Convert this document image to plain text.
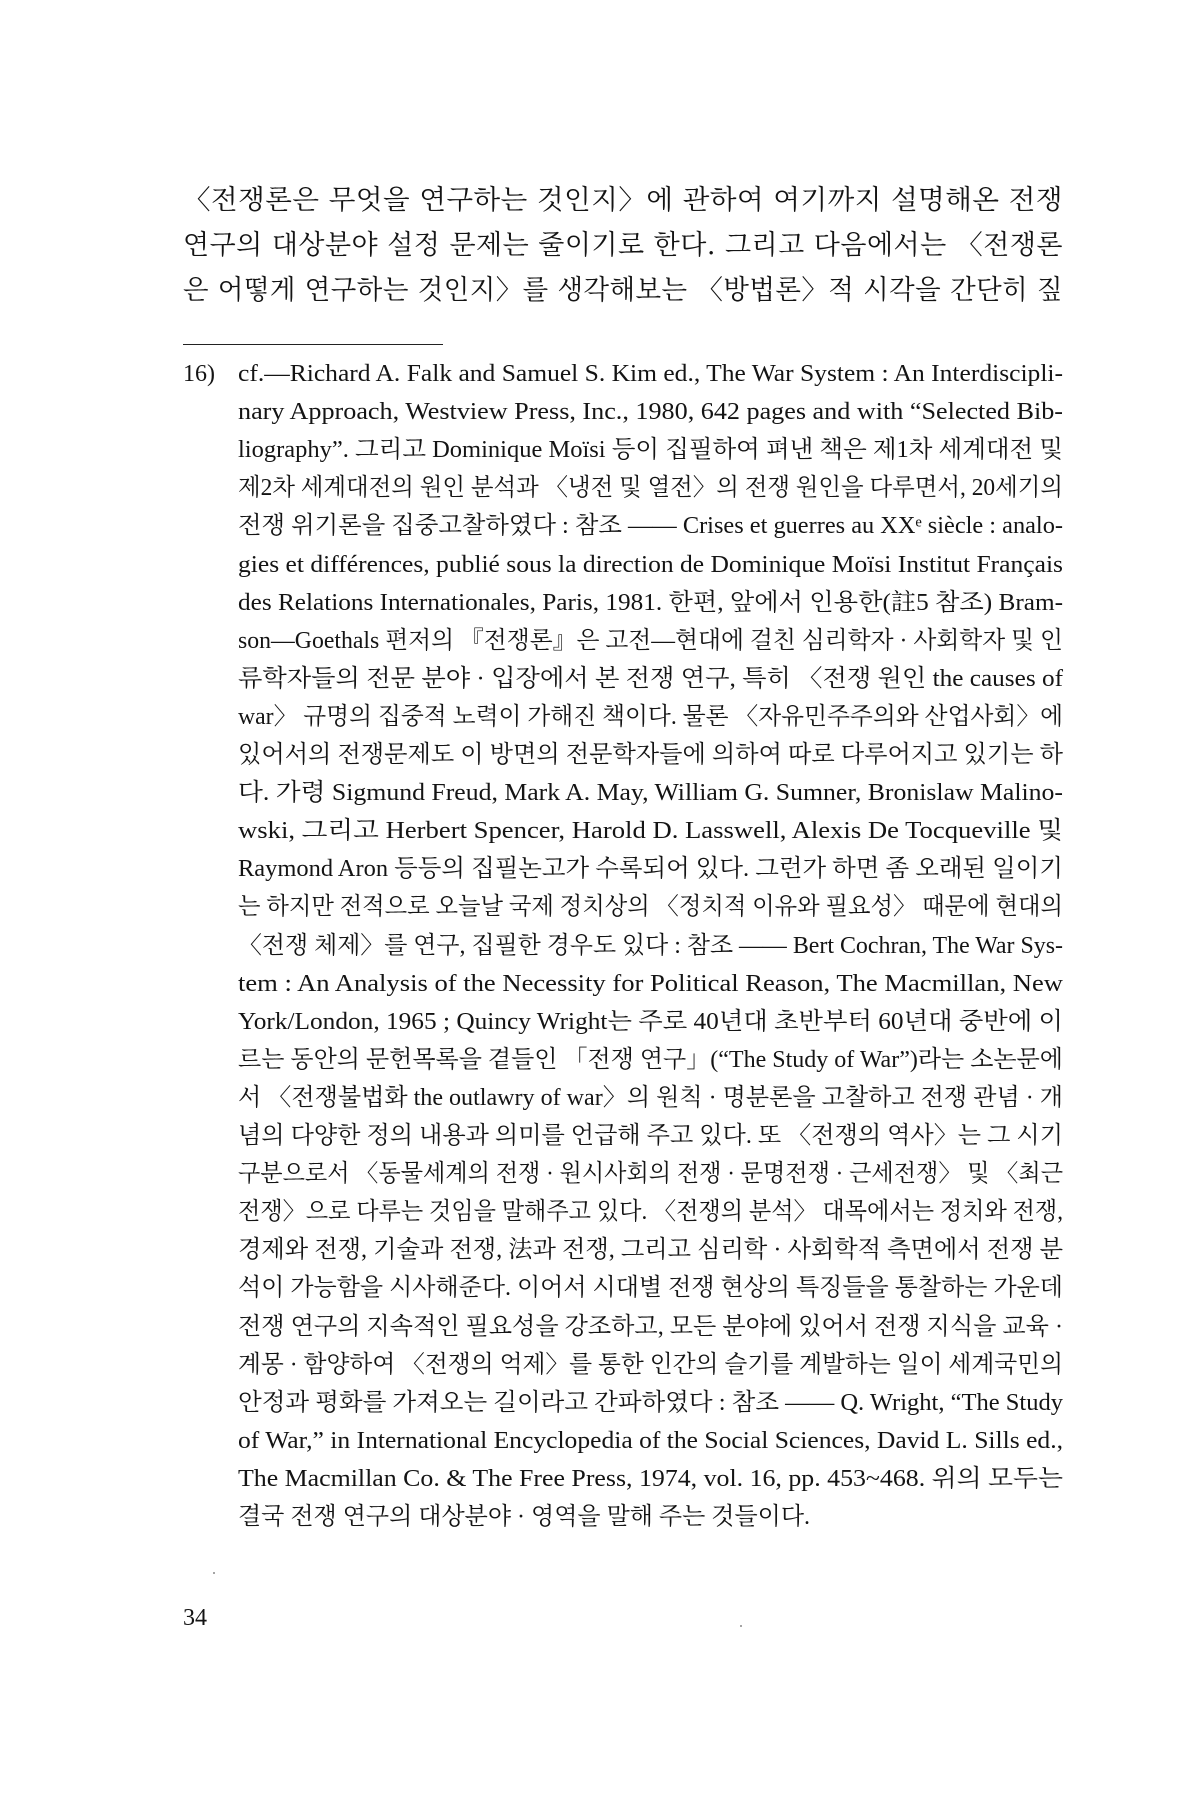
〈전쟁론은 무엇을 연구하는 것인지〉에 관하여 여기까지 설명해온 전쟁
연구의 대상분야 설정 문제는 줄이기로 한다. 그리고 다음에서는 〈전쟁론
은 어떻게 연구하는 것인지〉를 생각해보는 〈방법론〉적 시각을 간단히 짚
16) cf.—Richard A. Falk and Samuel S. Kim ed., The War System : An Interdiscipli-
nary Approach, Westview Press, Inc., 1980, 642 pages and with “Selected Bib-
liography”. 그리고 Dominique Moïsi 등이 집필하여 펴낸 책은 제1차 세계대전 및
제2차 세계대전의 원인 분석과 〈냉전 및 열전〉의 전쟁 원인을 다루면서, 20세기의
전쟁 위기론을 집중고찰하였다 : 참조 —— Crises et guerres au XXᵉ siècle : analo-
gies et différences, publié sous la direction de Dominique Moïsi Institut Français
des Relations Internationales, Paris, 1981. 한편, 앞에서 인용한(註5 참조) Bram-
son—Goethals 편저의 『전쟁론』은 고전—현대에 걸친 심리학자 · 사회학자 및 인
류학자들의 전문 분야 · 입장에서 본 전쟁 연구, 특히 〈전쟁 원인 the causes of
war〉 규명의 집중적 노력이 가해진 책이다. 물론 〈자유민주주의와 산업사회〉에
있어서의 전쟁문제도 이 방면의 전문학자들에 의하여 따로 다루어지고 있기는 하
다. 가령 Sigmund Freud, Mark A. May, William G. Sumner, Bronislaw Malino-
wski, 그리고 Herbert Spencer, Harold D. Lasswell, Alexis De Tocqueville 및
Raymond Aron 등등의 집필논고가 수록되어 있다. 그런가 하면 좀 오래된 일이기
는 하지만 전적으로 오늘날 국제 정치상의 〈정치적 이유와 필요성〉 때문에 현대의
〈전쟁 체제〉를 연구, 집필한 경우도 있다 : 참조 —— Bert Cochran, The War Sys-
tem : An Analysis of the Necessity for Political Reason, The Macmillan, New
York/London, 1965 ; Quincy Wright는 주로 40년대 초반부터 60년대 중반에 이
르는 동안의 문헌목록을 곁들인 「전쟁 연구」(“The Study of War”)라는 소논문에
서 〈전쟁불법화 the outlawry of war〉의 원칙 · 명분론을 고찰하고 전쟁 관념 · 개
념의 다양한 정의 내용과 의미를 언급해 주고 있다. 또 〈전쟁의 역사〉는 그 시기
구분으로서 〈동물세계의 전쟁 · 원시사회의 전쟁 · 문명전쟁 · 근세전쟁〉 및 〈최근
전쟁〉으로 다루는 것임을 말해주고 있다. 〈전쟁의 분석〉 대목에서는 정치와 전쟁,
경제와 전쟁, 기술과 전쟁, 法과 전쟁, 그리고 심리학 · 사회학적 측면에서 전쟁 분
석이 가능함을 시사해준다. 이어서 시대별 전쟁 현상의 특징들을 통찰하는 가운데
전쟁 연구의 지속적인 필요성을 강조하고, 모든 분야에 있어서 전쟁 지식을 교육 ·
계몽 · 함양하여 〈전쟁의 억제〉를 통한 인간의 슬기를 계발하는 일이 세계국민의
안정과 평화를 가져오는 길이라고 간파하였다 : 참조 —— Q. Wright, “The Study
of War,” in International Encyclopedia of the Social Sciences, David L. Sills ed.,
The Macmillan Co. & The Free Press, 1974, vol. 16, pp. 453~468. 위의 모두는
결국 전쟁 연구의 대상분야 · 영역을 말해 주는 것들이다.
34
